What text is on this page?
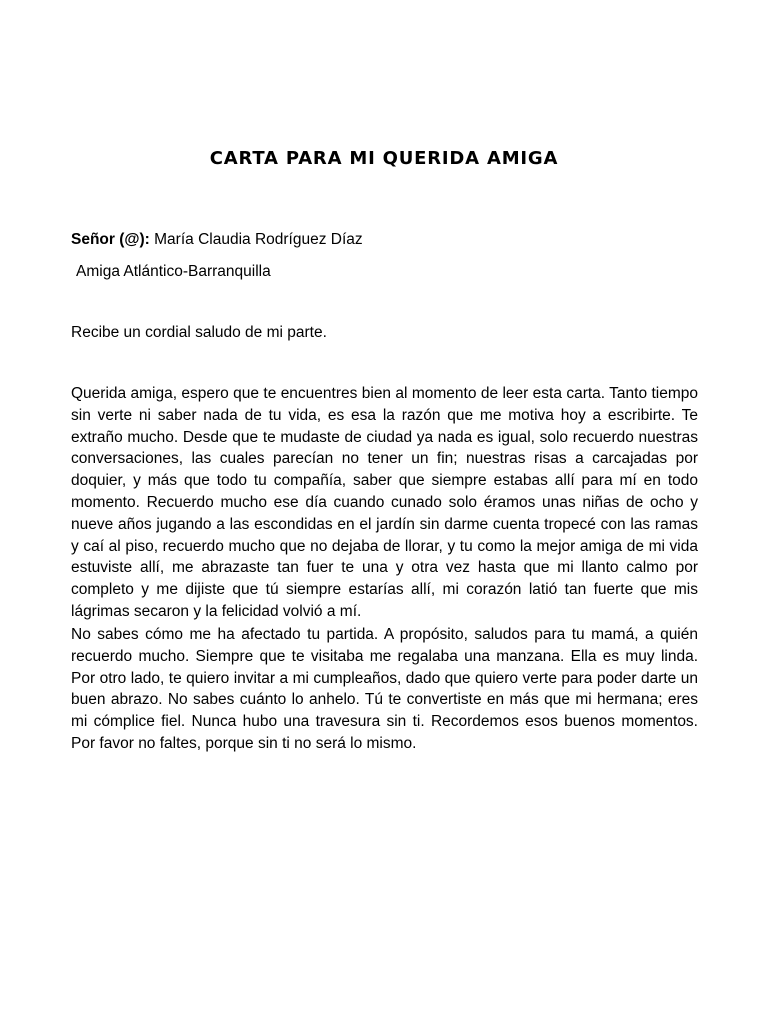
CARTA PARA MI QUERIDA AMIGA
Señor (@): María Claudia Rodríguez Díaz
Amiga Atlántico-Barranquilla
Recibe un cordial saludo de mi parte.
Querida amiga, espero que te encuentres bien al momento de leer esta carta. Tanto tiempo sin verte ni saber nada de tu vida, es esa la razón que me motiva hoy a escribirte. Te extraño mucho. Desde que te mudaste de ciudad ya nada es igual, solo recuerdo nuestras conversaciones, las cuales parecían no tener un fin; nuestras risas a carcajadas por doquier, y más que todo tu compañía, saber que siempre estabas allí para mí en todo momento. Recuerdo mucho ese día cuando cunado solo éramos unas niñas de ocho y nueve años jugando a las escondidas en el jardín sin darme cuenta tropecé con las ramas y caí al piso, recuerdo mucho que no dejaba de llorar, y tu como la mejor amiga de mi vida estuviste allí, me abrazaste tan fuer te una y otra vez hasta que mi llanto calmo por completo y me dijiste que tú siempre estarías allí, mi corazón latió tan fuerte que mis lágrimas secaron y la felicidad volvió a mí.
No sabes cómo me ha afectado tu partida. A propósito, saludos para tu mamá, a quién recuerdo mucho. Siempre que te visitaba me regalaba una manzana. Ella es muy linda. Por otro lado, te quiero invitar a mi cumpleaños, dado que quiero verte para poder darte un buen abrazo. No sabes cuánto lo anhelo. Tú te convertiste en más que mi hermana; eres mi cómplice fiel. Nunca hubo una travesura sin ti. Recordemos esos buenos momentos. Por favor no faltes, porque sin ti no será lo mismo.
